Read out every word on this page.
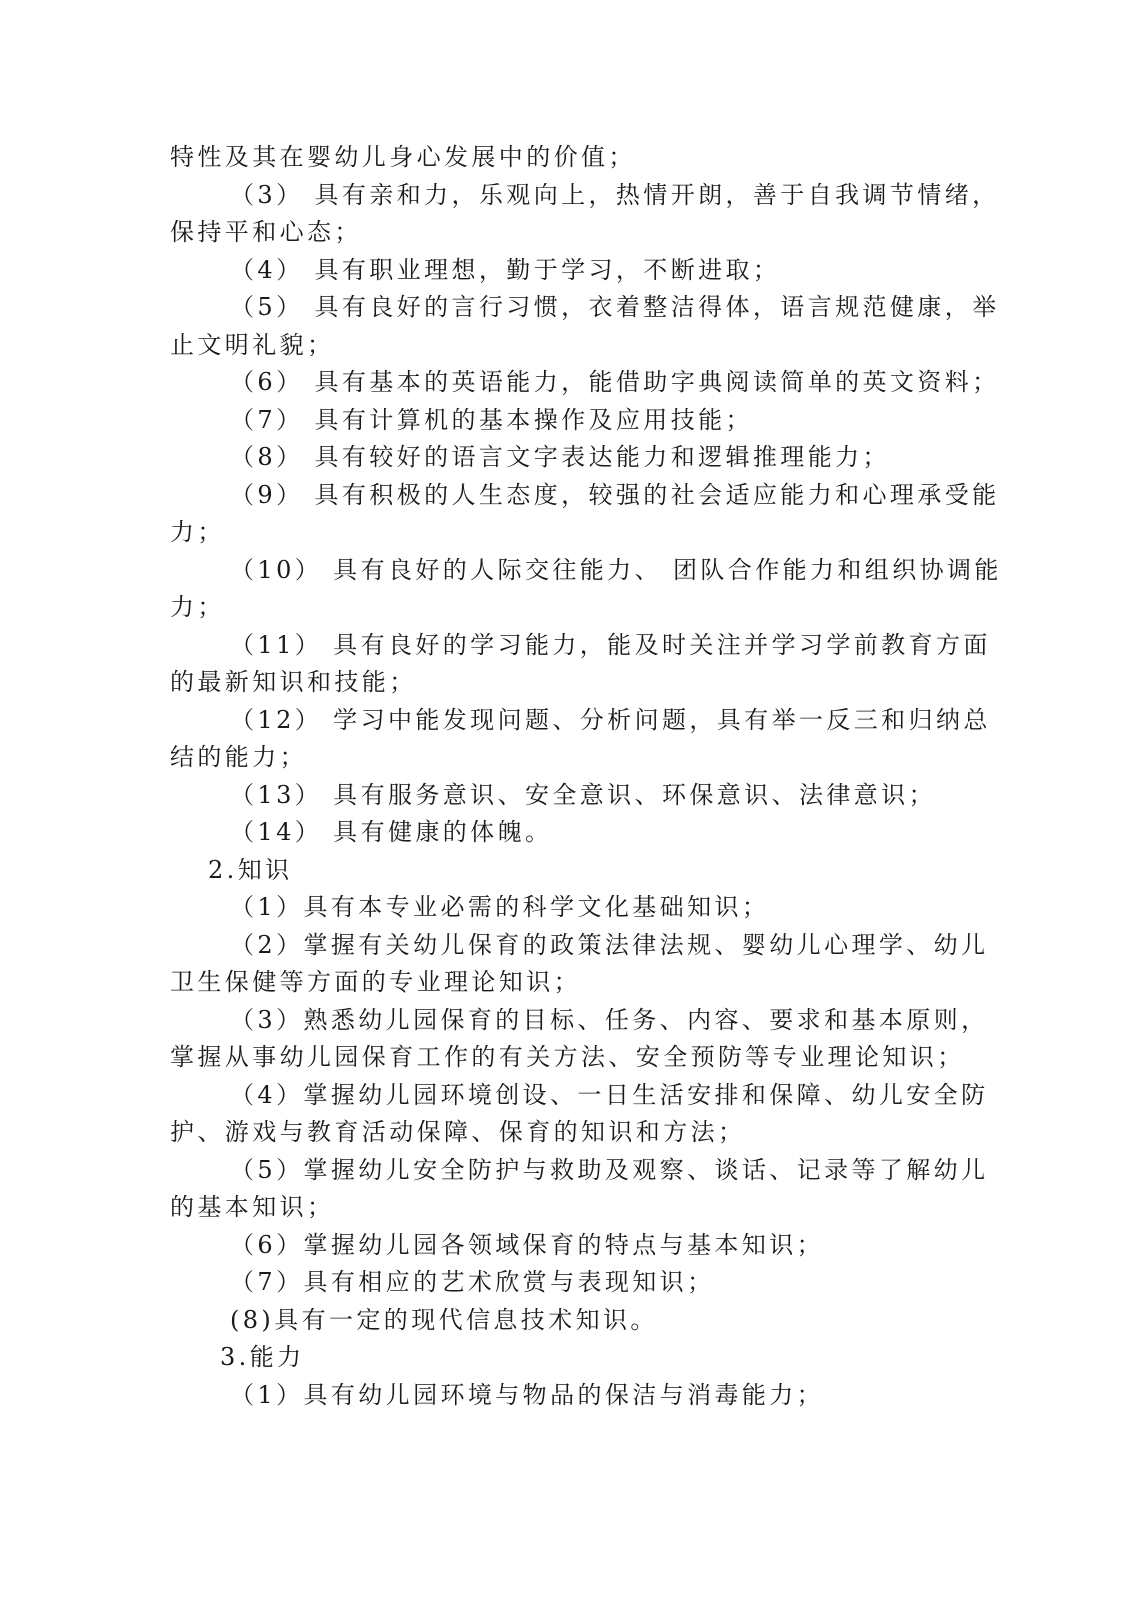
特性及其在婴幼儿身心发展中的价值；
（3） 具有亲和力，乐观向上，热情开朗，善于自我调节情绪，
保持平和心态；
（4） 具有职业理想，勤于学习，不断进取；
（5） 具有良好的言行习惯，衣着整洁得体，语言规范健康，举
止文明礼貌；
（6） 具有基本的英语能力，能借助字典阅读简单的英文资料；
（7） 具有计算机的基本操作及应用技能；
（8） 具有较好的语言文字表达能力和逻辑推理能力；
（9） 具有积极的人生态度，较强的社会适应能力和心理承受能
力；
（10） 具有良好的人际交往能力、 团队合作能力和组织协调能
力；
（11） 具有良好的学习能力，能及时关注并学习学前教育方面
的最新知识和技能；
（12） 学习中能发现问题、分析问题，具有举一反三和归纳总
结的能力；
（13） 具有服务意识、安全意识、环保意识、法律意识；
（14） 具有健康的体魄。
2.知识
（1）具有本专业必需的科学文化基础知识；
（2）掌握有关幼儿保育的政策法律法规、婴幼儿心理学、幼儿
卫生保健等方面的专业理论知识；
（3）熟悉幼儿园保育的目标、任务、内容、要求和基本原则，
掌握从事幼儿园保育工作的有关方法、安全预防等专业理论知识；
（4）掌握幼儿园环境创设、一日生活安排和保障、幼儿安全防
护、游戏与教育活动保障、保育的知识和方法；
（5）掌握幼儿安全防护与救助及观察、谈话、记录等了解幼儿
的基本知识；
（6）掌握幼儿园各领域保育的特点与基本知识；
（7）具有相应的艺术欣赏与表现知识；
(8)具有一定的现代信息技术知识。
3.能力
（1）具有幼儿园环境与物品的保洁与消毒能力；
